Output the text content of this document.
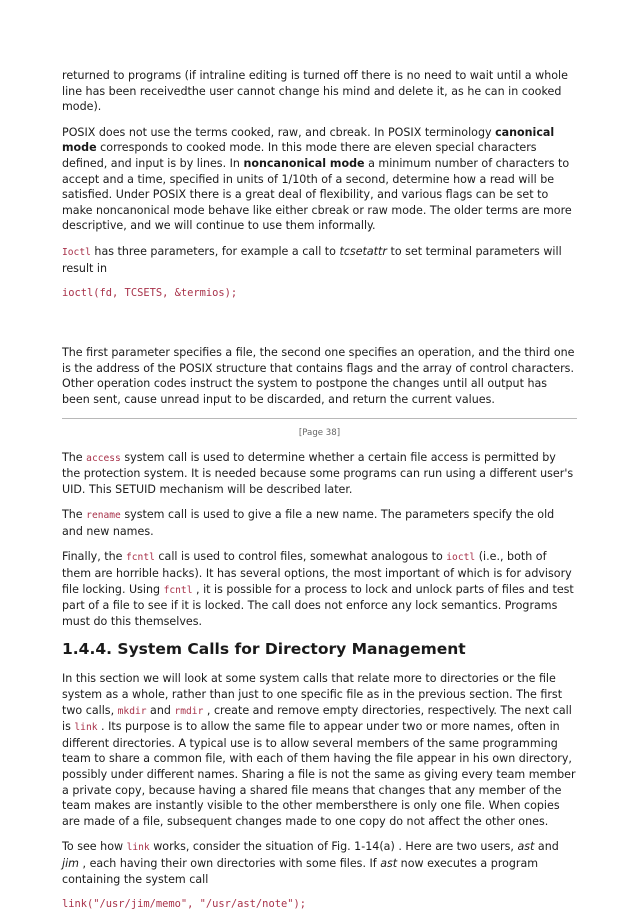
returned to programs (if intraline editing is turned off there is no need to wait until a whole line has been receivedthe user cannot change his mind and delete it, as he can in cooked mode).

POSIX does not use the terms cooked, raw, and cbreak. In POSIX terminology canonical mode corresponds to cooked mode. In this mode there are eleven special characters defined, and input is by lines. In noncanonical mode a minimum number of characters to accept and a time, specified in units of 1/10th of a second, determine how a read will be satisfied. Under POSIX there is a great deal of flexibility, and various flags can be set to make noncanonical mode behave like either cbreak or raw mode. The older terms are more descriptive, and we will continue to use them informally.

Ioctl has three parameters, for example a call to tcsetattr to set terminal parameters will result in

ioctl(fd, TCSETS, &termios);

The first parameter specifies a file, the second one specifies an operation, and the third one is the address of the POSIX structure that contains flags and the array of control characters. Other operation codes instruct the system to postpone the changes until all output has been sent, cause unread input to be discarded, and return the current values.

[Page 38]

The access system call is used to determine whether a certain file access is permitted by the protection system. It is needed because some programs can run using a different user's UID. This SETUID mechanism will be described later.

The rename system call is used to give a file a new name. The parameters specify the old and new names.

Finally, the fcntl call is used to control files, somewhat analogous to ioctl (i.e., both of them are horrible hacks). It has several options, the most important of which is for advisory file locking. Using fcntl , it is possible for a process to lock and unlock parts of files and test part of a file to see if it is locked. The call does not enforce any lock semantics. Programs must do this themselves.

1.4.4. System Calls for Directory Management

In this section we will look at some system calls that relate more to directories or the file system as a whole, rather than just to one specific file as in the previous section. The first two calls, mkdir and rmdir , create and remove empty directories, respectively. The next call is link . Its purpose is to allow the same file to appear under two or more names, often in different directories. A typical use is to allow several members of the same programming team to share a common file, with each of them having the file appear in his own directory, possibly under different names. Sharing a file is not the same as giving every team member a private copy, because having a shared file means that changes that any member of the team makes are instantly visible to the other membersthere is only one file. When copies are made of a file, subsequent changes made to one copy do not affect the other ones.

To see how link works, consider the situation of Fig. 1-14(a) . Here are two users, ast and jim , each having their own directories with some files. If ast now executes a program containing the system call

link("/usr/jim/memo", "/usr/ast/note");
